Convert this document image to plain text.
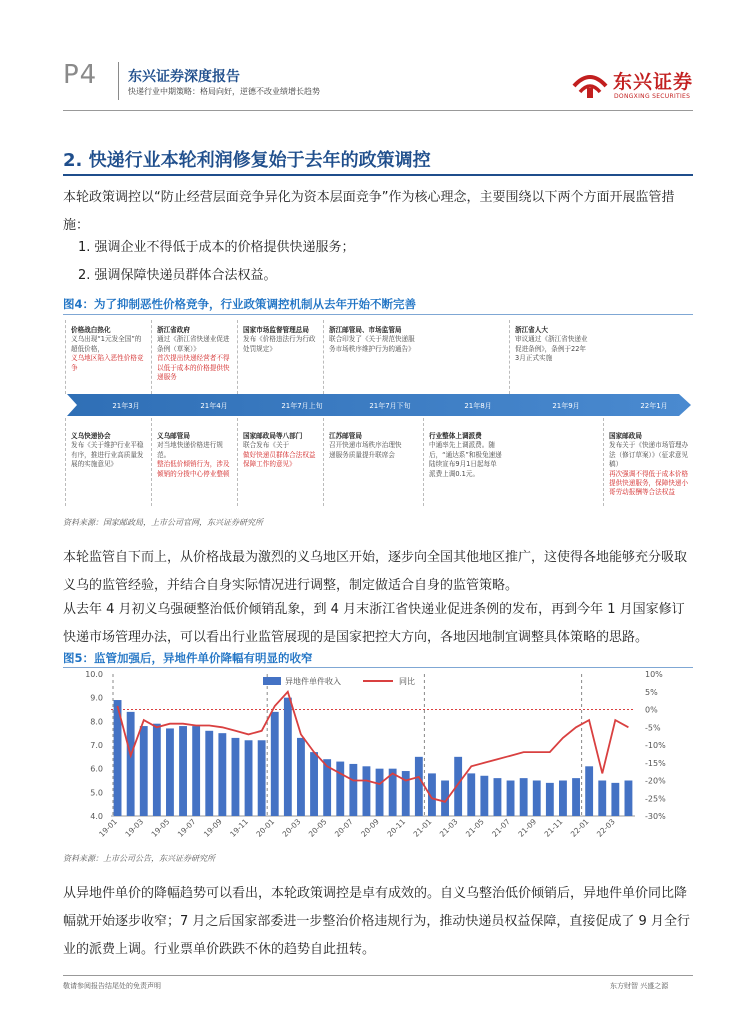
P4 东兴证券深度报告
快递行业中期策略：格局向好，逆德不改业绩增长趋势	东兴证券
DONGXING SECURITIES
2. 快递行业本轮利润修复始于去年的政策调控
本轮政策调控以“防止经营层面竞争异化为资本层面竞争”作为核心理念，主要围绕以下两个方面开展监管措施：
1. 强调企业不得低于成本的价格提供快递服务；
2. 强调保障快递员群体合法权益。
图4：为了抑制恶性价格竞争，行业政策调控机制从去年开始不断完善
21年3月	21年4月	21年7月上旬	21年7月下旬	21年8月	21年9月	22年1月
价格战白热化
义乌出现“1元发全国”的超低价格，
义乌地区陷入恶性价格竞争
浙江省政府
通过《浙江省快递业促进条例（草案）》
首次提出快递经营者不得以低于成本的价格提供快递服务
国家市场监督管理总局
发布《价格违法行为行政处罚规定》
浙江邮管局、市场监管局
联合印发了《关于规范快递服务市场秩序维护行为的通告》
浙江省人大
审议通过《浙江省快递业促进条例》，条例于22年3月正式实施
义乌快递协会
发布《关于维护行业平稳有序，推进行业高质量发展的实施意见》
义乌邮管局
对当地快递价格进行规范。
整治低价倾销行为，涉及倾销的分拨中心停业整顿
国家邮政局等八部门
联合发布《关于
做好快递员群体合法权益保障工作的意见》
江苏邮管局
召开快递市场秩序治理快递服务质量提升联席会
行业整体上调派费
中通率先上调派费。随后，“通达系”和极兔速递陆续宣布9月1日起每单派费上调0.1元。
国家邮政局
发布关于《快递市场管理办法（修订草案）》（征求意见稿）
再次强调不得低于成本价格提供快递服务，保障快递小哥劳动报酬等合法权益
资料来源：国家邮政局，上市公司官网，东兴证券研究所
本轮监管自下而上，从价格战最为激烈的义乌地区开始，逐步向全国其他地区推广，这使得各地能够充分吸取义乌的监管经验，并结合自身实际情况进行调整，制定做适合自身的监管策略。
从去年 4 月初义乌强硬整治低价倾销乱象，到 4 月末浙江省快递业促进条例的发布，再到今年 1 月国家修订快递市场管理办法，可以看出行业监管展现的是国家把控大方向，各地因地制宜调整具体策略的思路。
图5：监管加强后，异地件单价降幅有明显的收窄
10.0
9.0
8.0
7.0
6.0
5.0
4.0
10%
5%
0%
-5%
-10%
-15%
-20%
-25%
-30%
19-01 19-03 19-05 19-07 19-09 19-11 20-01 20-03 20-05 20-07 20-09 20-11 21-01 21-03 21-05 21-07 21-09 21-11 22-01 22-03
异地件单件收入	同比
资料来源：上市公司公告，东兴证券研究所
从异地件单价的降幅趋势可以看出，本轮政策调控是卓有成效的。自义乌整治低价倾销后，异地件单价同比降幅就开始逐步收窄；7 月之后国家部委进一步整治价格违规行为，推动快递员权益保障，直接促成了 9 月全行业的派费上调。行业票单价跌跌不休的趋势自此扭转。
敬请参阅报告结尾处的免责声明	东方财智 兴盛之源
